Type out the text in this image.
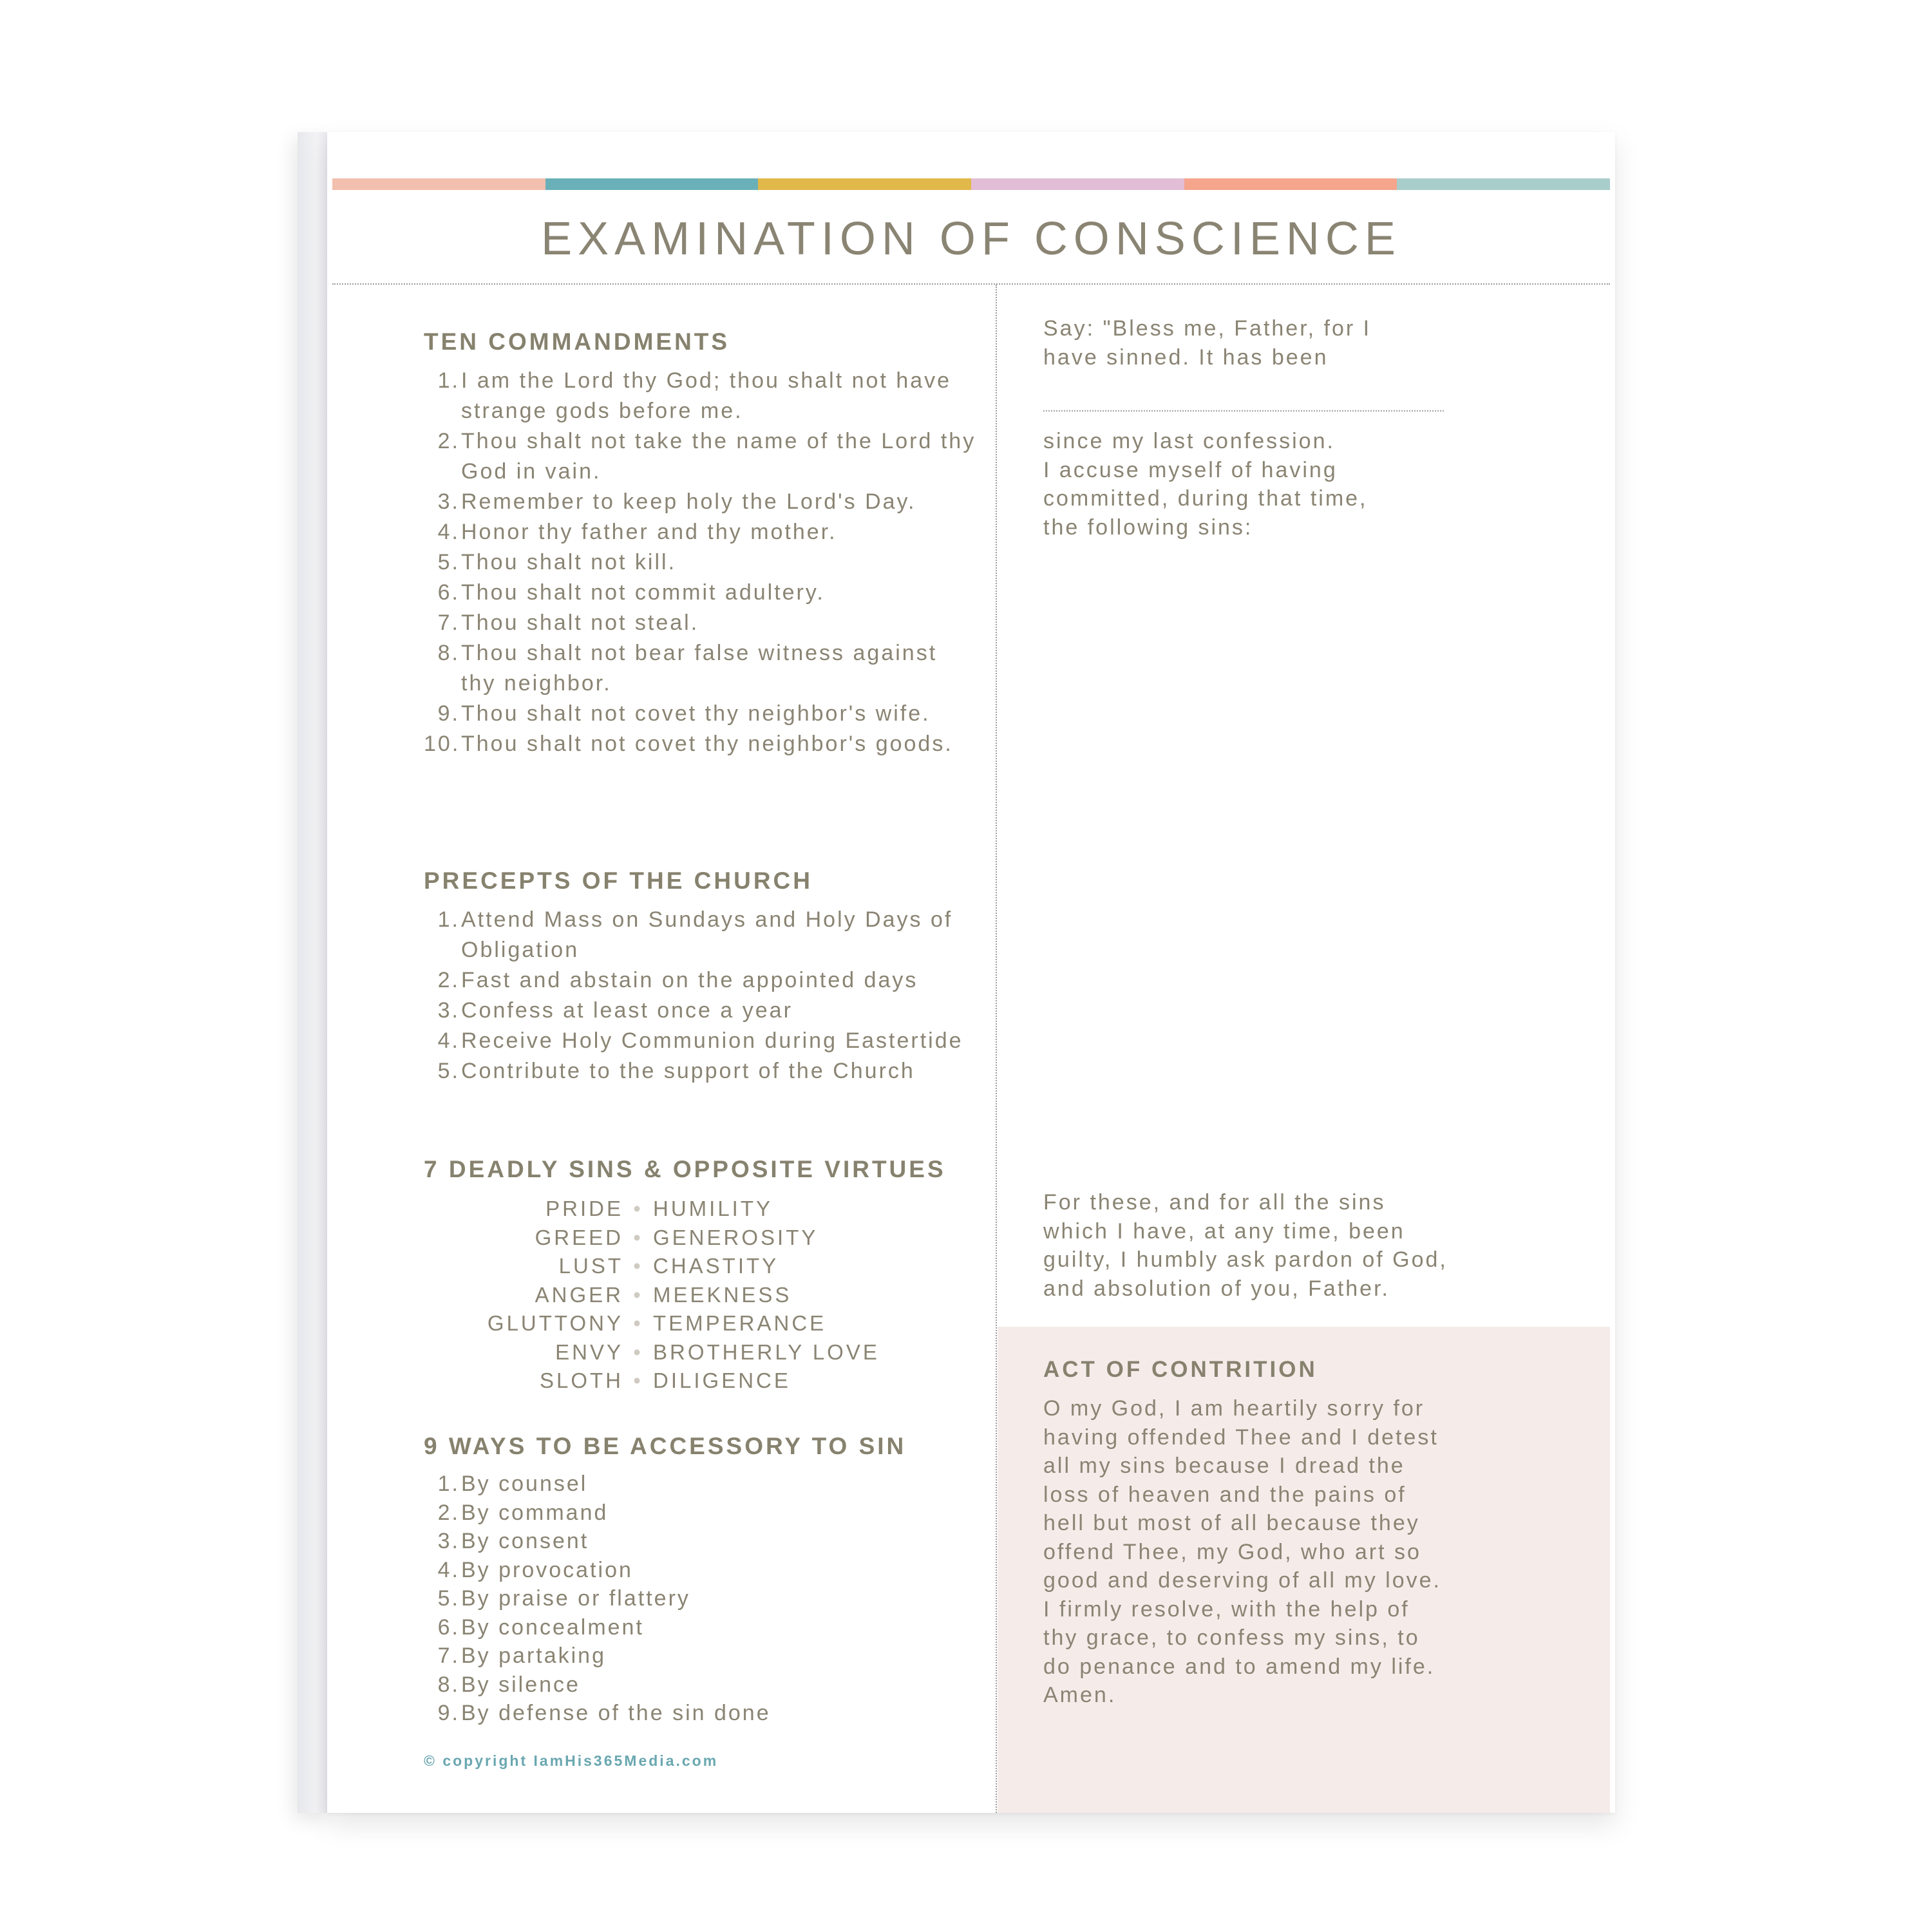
EXAMINATION OF CONSCIENCE
TEN COMMANDMENTS
1. I am the Lord thy God; thou shalt not have strange gods before me.
2. Thou shalt not take the name of the Lord thy God in vain.
3. Remember to keep holy the Lord's Day.
4. Honor thy father and thy mother.
5. Thou shalt not kill.
6. Thou shalt not commit adultery.
7. Thou shalt not steal.
8. Thou shalt not bear false witness against thy neighbor.
9. Thou shalt not covet thy neighbor's wife.
10. Thou shalt not covet thy neighbor's goods.
PRECEPTS OF THE CHURCH
1. Attend Mass on Sundays and Holy Days of Obligation
2. Fast and abstain on the appointed days
3. Confess at least once a year
4. Receive Holy Communion during Eastertide
5. Contribute to the support of the Church
7 DEADLY SINS & OPPOSITE VIRTUES
PRIDE • HUMILITY
GREED • GENEROSITY
LUST • CHASTITY
ANGER • MEEKNESS
GLUTTONY • TEMPERANCE
ENVY • BROTHERLY LOVE
SLOTH • DILIGENCE
9 WAYS TO BE ACCESSORY TO SIN
1. By counsel
2. By command
3. By consent
4. By provocation
5. By praise or flattery
6. By concealment
7. By partaking
8. By silence
9. By defense of the sin done
© copyright IamHis365Media.com
Say: "Bless me, Father, for I
have sinned. It has been
since my last confession.
I accuse myself of having
committed, during that time,
the following sins:
For these, and for all the sins
which I have, at any time, been
guilty, I humbly ask pardon of God,
and absolution of you, Father.
ACT OF CONTRITION
O my God, I am heartily sorry for
having offended Thee and I detest
all my sins because I dread the
loss of heaven and the pains of
hell but most of all because they
offend Thee, my God, who art so
good and deserving of all my love.
I firmly resolve, with the help of
thy grace, to confess my sins, to
do penance and to amend my life.
Amen.
